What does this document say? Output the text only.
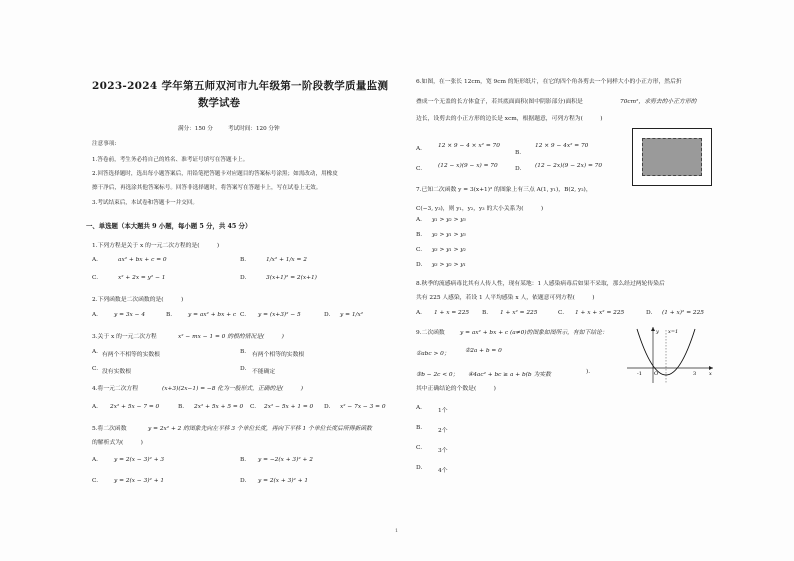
2023-2024 学年第五师双河市九年级第一阶段教学质量监测
数学试卷
满分：150 分	考试时间：120 分钟
注意事项:
1.答卷前，考生务必将自己的姓名、准考证号填写在答题卡上。
2.回答选择题时，选出每小题答案后，用铅笔把答题卡对应题目的答案标号涂黑；如需改动，用橡皮
擦干净后，再选涂其他答案标号。回答非选择题时，将答案写在答题卡上，写在试卷上无效。
3.考试结束后，本试卷和答题卡一并交回。
一、单选题（本大题共 9 小题，每小题 5 分，共 45 分）
1.下列方程是关于 x 的一元二次方程的是(　　　)
A.	ax² + bx + c = 0	B.	1/x² + 1/x = 2
C.	x² + 2x = y² − 1	D.	3(x+1)² = 2(x+1)
2.下列函数是二次函数的是(　　　)
A.	y = 3x − 4	B.	y = ax² + bx + c C. y = (x+3)² − 5	D. y = 1/x²
3.关于 x 的一元二次方程	x² − mx − 1 = 0 的根的情况是(　　　)
A. 有两个不相等的实数根	B. 有两个相等的实数根
C. 没有实数根	D. 不能确定
4.将一元二次方程	(x+3)(2x−1) = −8 化为一般形式，正确的是(　　　)
A. 2x² + 5x − 7 = 0	B. 2x² + 5x + 5 = 0 C. 2x² − 5x + 1 = 0 D. x² − 7x − 3 = 0
5.将二次函数	y = 2x² + 2 的图象先向左平移 3 个单位长度，再向下平移 1 个单位长度后所得新函数
的解析式为(　　　)
A.	y = 2(x − 3)² + 3	B. y = −2(x + 3)² + 2
C.	y = 2(x − 3)² + 1	D. y = 2(x + 3)² + 1
6.如图，在一张长 12cm，宽 9cm 的矩形纸片，在它的四个角各剪去一个同样大小的小正方形，然后折
叠成一个无盖的长方体盒子，若其底面面积(图中阴影部分)面积是	70cm²，求剪去的小正方形的
边长，设剪去的小正方形的边长是 xcm，根据题意，可列方程为(　　　)
A.	12 × 9 − 4 × x² = 70
B.
12 × 9 − 4x² = 70
C.	(12 − x)(9 − x) = 70	D. (12 − 2x)(9 − 2x) = 70
7.已知二次函数 y = 3(x+1)² 的图象上有三点 A(1, y₁)，B(2, y₂)，
C(−3, y₃)，则 y₁，y₂，y₃ 的大小关系为(　　　)
A. y₁ > y₂ > y₃
B. y₂ > y₁ > y₃
C. y₃ > y₁ > y₂
D. y₃ > y₂ > y₁
8.秋季的流感病毒比其有人传人性，现有某地：1 人感染病毒后如果不采取，那么经过两轮传染后
共有 225 人感染，若设 1 人平均感染 x 人，依题意可列方程(　　　)
A. 1 + x = 225 B. 1 + x² = 225	C. 1 + x + x² = 225	D. (1 + x)² = 225
9.二次函数	y = ax² + bx + c (a≠0)的图象如图所示，有如下结论：
①abc > 0；	②2a + b = 0
③b − 2c < 0； ④4ac² + bc ≥ a + b(b 为实数	).
其中正确结论的个数是(　　　)
A.	1个
B.	2个
C.	3个
D.	4个
y x=1
x
-1 O	3
1
